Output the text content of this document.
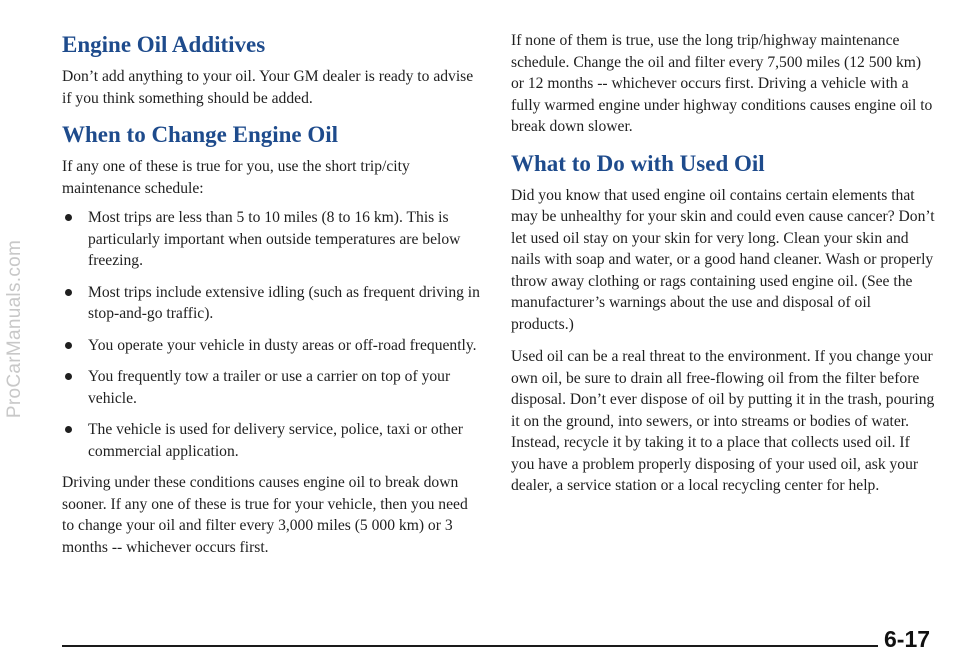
ProCarManuals.com
Engine Oil Additives

Don’t add anything to your oil. Your GM dealer is ready to advise if you think something should be added.

When to Change Engine Oil

If any one of these is true for you, use the short trip/city maintenance schedule:

Most trips are less than 5 to 10 miles (8 to 16 km). This is particularly important when outside temperatures are below freezing.
Most trips include extensive idling (such as frequent driving in stop-and-go traffic).
You operate your vehicle in dusty areas or off-road frequently.
You frequently tow a trailer or use a carrier on top of your vehicle.
The vehicle is used for delivery service, police, taxi or other commercial application.

Driving under these conditions causes engine oil to break down sooner. If any one of these is true for your vehicle, then you need to change your oil and filter every 3,000 miles (5 000 km) or 3 months -- whichever occurs first.

If none of them is true, use the long trip/highway maintenance schedule. Change the oil and filter every 7,500 miles (12 500 km) or 12 months -- whichever occurs first. Driving a vehicle with a fully warmed engine under highway conditions causes engine oil to break down slower.

What to Do with Used Oil

Did you know that used engine oil contains certain elements that may be unhealthy for your skin and could even cause cancer? Don’t let used oil stay on your skin for very long. Clean your skin and nails with soap and water, or a good hand cleaner. Wash or properly throw away clothing or rags containing used engine oil. (See the manufacturer’s warnings about the use and disposal of oil products.)

Used oil can be a real threat to the environment. If you change your own oil, be sure to drain all free-flowing oil from the filter before disposal. Don’t ever dispose of oil by putting it in the trash, pouring it on the ground, into sewers, or into streams or bodies of water. Instead, recycle it by taking it to a place that collects used oil. If you have a problem properly disposing of your used oil, ask your dealer, a service station or a local recycling center for help.

6-17
